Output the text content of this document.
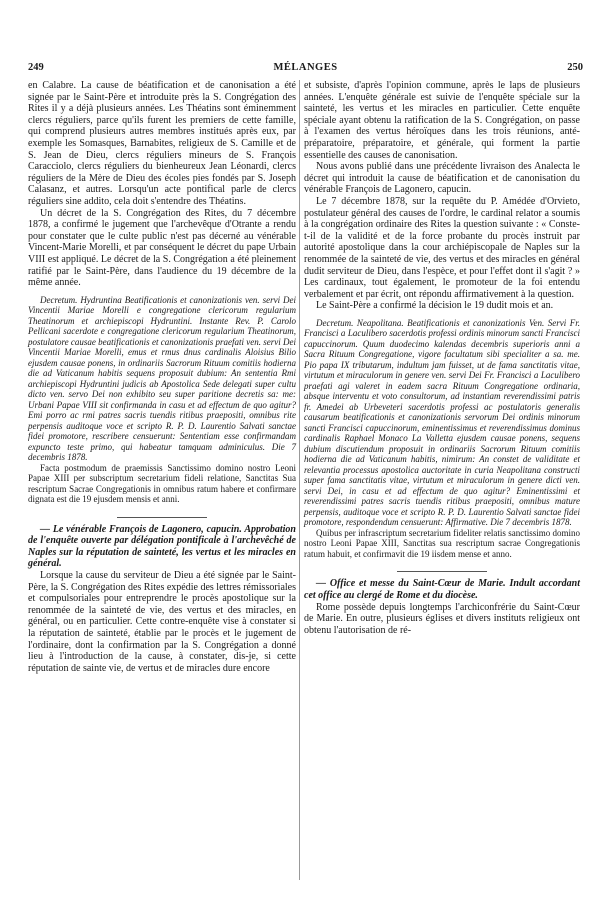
249	MÉLANGES	250

en Calabre. La cause de béatification et de canonisation a été signée par le Saint-Père et introduite près la S. Congrégation des Rites il y a déjà plusieurs années. Les Théatins sont éminemment clercs réguliers, parce qu'ils furent les premiers de cette famille, qui comprend plusieurs autres membres institués après eux, par exemple les Somasques, Barnabites, religieux de S. Camille et de S. Jean de Dieu, clercs réguliers mineurs de S. François Caracciolo, clercs réguliers du bienheureux Jean Léonardi, clercs réguliers de la Mère de Dieu des écoles pies fondés par S. Joseph Calasanz, et autres. Lorsqu'un acte pontifical parle de clercs réguliers sine addito, cela doit s'entendre des Théatins.

Un décret de la S. Congrégation des Rites, du 7 décembre 1878, a confirmé le jugement que l'archevêque d'Otrante a rendu pour constater que le culte public n'est pas décerné au vénérable Vincent-Marie Morelli, et par conséquent le décret du pape Urbain VIII est appliqué. Le décret de la S. Congrégation a été pleinement ratifié par le Saint-Père, dans l'audience du 19 décembre de la même année.

Decretum. Hydruntina Beatificationis et canonizationis ven. servi Dei Vincentii Mariae Morelli e congregatione clericorum regularium Theatinorum et archiepiscopi Hydruntini. Instante Rev. P. Carolo Pellicani sacerdote e congregatione clericorum regularium Theatinorum, postulatore causae beatificationis et canonizationis praefati ven. servi Dei Vincentii Mariae Morelli, emus et rmus dnus cardinalis Aloisius Bilio ejusdem causae ponens, in ordinariis Sacrorum Rituum comitiis hodierna die ad Vaticanum habitis sequens proposuit dubium: An sententia Rmi archiepiscopi Hydruntini judicis ab Apostolica Sede delegati super cultu dicto ven. servo Dei non exhibito seu super paritione decretis sa: me: Urbani Papae VIII sit confirmanda in casu et ad effectum de quo agitur? Emi porro ac rmi patres sacris tuendis ritibus praepositi, omnibus rite perpensis auditoque voce et scripto R. P. D. Laurentio Salvati sanctae fidei promotore, rescribere censuerunt: Sententiam esse confirmandam expuncto teste primo, qui habeatur tamquam adminiculus. Die 7 decembris 1878.

Facta postmodum de praemissis Sanctissimo domino nostro Leoni Papae XIII per subscriptum secretarium fideli relatione, Sanctitas Sua rescriptum Sacrae Congregationis in omnibus ratum habere et confirmare dignata est die 19 ejusdem mensis et anni.

— Le vénérable François de Lagonero, capucin. Approbation de l'enquête ouverte par délégation pontificale à l'archevêché de Naples sur la réputation de sainteté, les vertus et les miracles en général.

Lorsque la cause du serviteur de Dieu a été signée par le Saint-Père, la S. Congrégation des Rites expédie des lettres rémissoriales et compulsoriales pour entreprendre le procès apostolique sur la renommée de la sainteté de vie, des vertus et des miracles, en général, ou en particulier. Cette contre-enquête vise à constater si la réputation de sainteté, établie par le procès et le jugement de l'ordinaire, dont la confirmation par la S. Congrégation a donné lieu à l'introduction de la cause, à constater, dis-je, si cette réputation de sainte vie, de vertus et de miracles dure encore

et subsiste, d'après l'opinion commune, après le laps de plusieurs années. L'enquête générale est suivie de l'enquête spéciale sur la sainteté, les vertus et les miracles en particulier. Cette enquête spéciale ayant obtenu la ratification de la S. Congrégation, on passe à l'examen des vertus héroïques dans les trois réunions, anté-préparatoire, préparatoire, et générale, qui forment la partie essentielle des causes de canonisation.

Nous avons publié dans une précédente livraison des Analecta le décret qui introduit la cause de béatification et de canonisation du vénérable François de Lagonero, capucin.

Le 7 décembre 1878, sur la requête du P. Amédée d'Orvieto, postulateur général des causes de l'ordre, le cardinal relator a soumis à la congrégation ordinaire des Rites la question suivante : « Conste-t-il de la validité et de la force probante du procès instruit par autorité apostolique dans la cour archiépiscopale de Naples sur la renommée de la sainteté de vie, des vertus et des miracles en général dudit serviteur de Dieu, dans l'espèce, et pour l'effet dont il s'agit ? » Les cardinaux, tout également, le promoteur de la foi entendu verbalement et par écrit, ont répondu affirmativement à la question.

Le Saint-Père a confirmé la décision le 19 dudit mois et an.

Decretum. Neapolitana. Beatificationis et canonizationis Ven. Servi Fr. Francisci a Laculibero sacerdotis professi ordinis minorum sancti Francisci capuccinorum. Quum duodecimo kalendas decembris superioris anni a Sacra Rituum Congregatione, vigore facultatum sibi specialiter a sa. me. Pio papa IX tributarum, indultum jam fuisset, ut de fama sanctitatis vitae, virtutum et miraculorum in genere ven. servi Dei Fr. Francisci a Laculibero praefati agi valeret in eadem sacra Rituum Congregatione ordinaria, absque interventu et voto consultorum, ad instantiam reverendissimi patris fr. Amedei ab Urbeveteri sacerdotis professi ac postulatoris generalis causarum beatificationis et canonizationis servorum Dei ordinis minorum sancti Francisci capuccinorum, eminentissimus et reverendissimus dominus cardinalis Raphael Monaco La Valletta ejusdem causae ponens, sequens dubium discutiendum proposuit in ordinariis Sacrorum Rituum comitiis hodierna die ad Vaticanum habitis, nimirum: An constet de validitate et relevantia processus apostolica auctoritate in curia Neapolitana constructi super fama sanctitatis vitae, virtutum et miraculorum in genere dicti ven. servi Dei, in casu et ad effectum de quo agitur? Eminentissimi et reverendissimi patres sacris tuendis ritibus praepositi, omnibus mature perpensis, auditoque voce et scripto R. P. D. Laurentio Salvati sanctae fidei promotore, respondendum censuerunt: Affirmative. Die 7 decembris 1878.

Quibus per infrascriptum secretarium fideliter relatis sanctissimo domino nostro Leoni Papae XIII, Sanctitas sua rescriptum sacrae Congregationis ratum habuit, et confirmavit die 19 iisdem mense et anno.

— Office et messe du Saint-Cœur de Marie. Indult accordant cet office au clergé de Rome et du diocèse.

Rome possède depuis longtemps l'archiconfrérie du Saint-Cœur de Marie. En outre, plusieurs églises et divers instituts religieux ont obtenu l'autorisation de ré-
